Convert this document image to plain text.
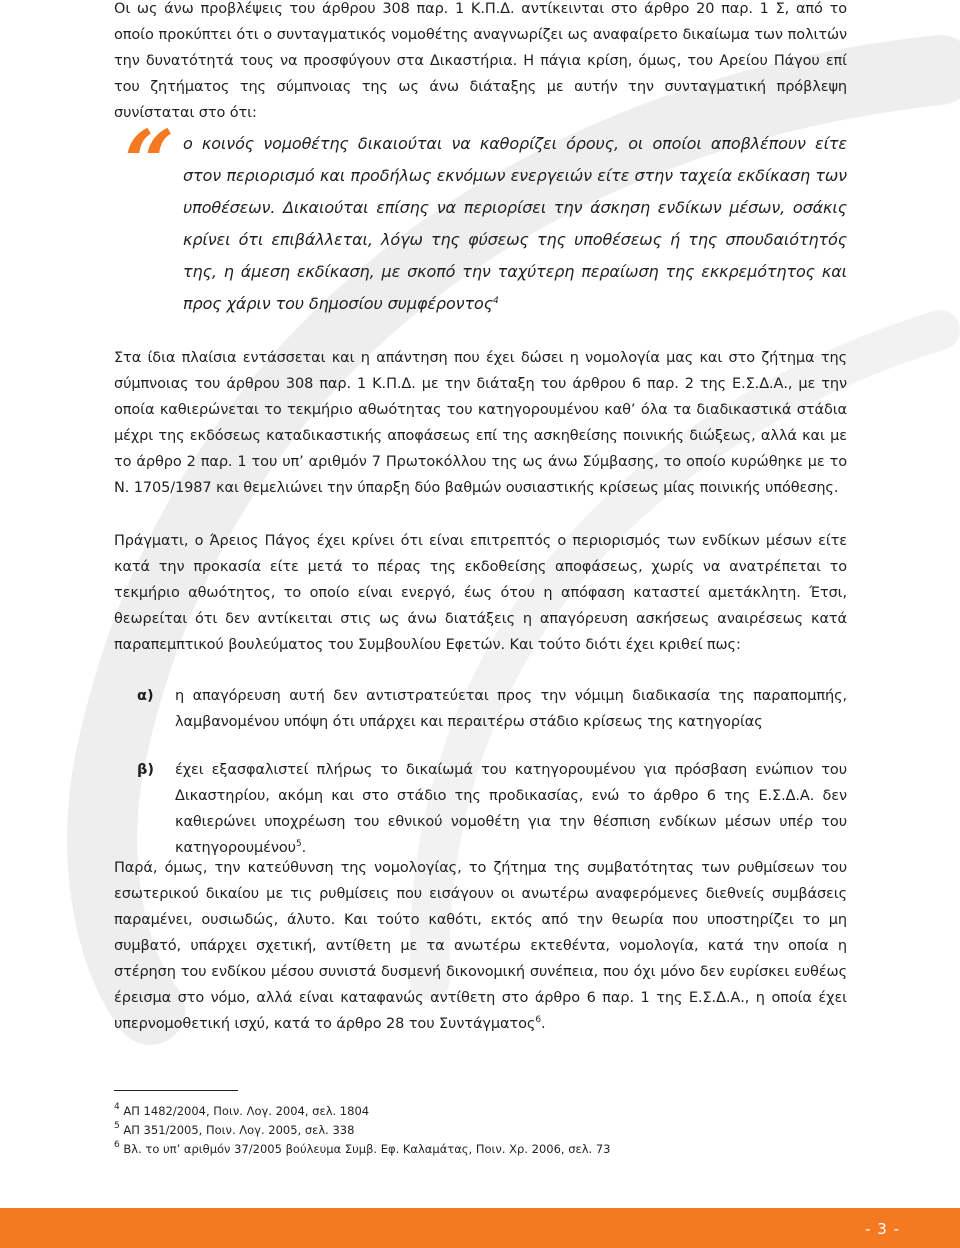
Οι ως άνω προβλέψεις του άρθρου 308 παρ. 1 Κ.Π.Δ. αντίκεινται στο άρθρο 20 παρ. 1 Σ, από το οποίο προκύπτει ότι ο συνταγματικός νομοθέτης αναγνωρίζει ως αναφαίρετο δικαίωμα των πολιτών την δυνατότητά τους να προσφύγουν στα Δικαστήρια. Η πάγια κρίση, όμως, του Αρείου Πάγου επί του ζητήματος της σύμπνοιας της ως άνω διάταξης με αυτήν την συνταγματική πρόβλεψη συνίσταται στο ότι:

“ ο κοινός νομοθέτης δικαιούται να καθορίζει όρους, οι οποίοι αποβλέπουν είτε στον περιορισμό και προδήλως εκνόμων ενεργειών είτε στην ταχεία εκδίκαση των υποθέσεων. Δικαιούται επίσης να περιορίσει την άσκηση ενδίκων μέσων, οσάκις κρίνει ότι επιβάλλεται, λόγω της φύσεως της υποθέσεως ή της σπουδαιότητός της, η άμεση εκδίκαση, με σκοπό την ταχύτερη περαίωση της εκκρεμότητος και προς χάριν του δημοσίου συμφέροντος$^4$

Στα ίδια πλαίσια εντάσσεται και η απάντηση που έχει δώσει η νομολογία μας και στο ζήτημα της σύμπνοιας του άρθρου 308 παρ. 1 Κ.Π.Δ. με την διάταξη του άρθρου 6 παρ. 2 της Ε.Σ.Δ.Α., με την οποία καθιερώνεται το τεκμήριο αθωότητας του κατηγορουμένου καθ’ όλα τα διαδικαστικά στάδια μέχρι της εκδόσεως καταδικαστικής αποφάσεως επί της ασκηθείσης ποινικής διώξεως, αλλά και με το άρθρο 2 παρ. 1 του υπ’ αριθμόν 7 Πρωτοκόλλου της ως άνω Σύμβασης, το οποίο κυρώθηκε με το Ν. 1705/1987 και θεμελιώνει την ύπαρξη δύο βαθμών ουσιαστικής κρίσεως μίας ποινικής υπόθεσης.

Πράγματι, ο Άρειος Πάγος έχει κρίνει ότι είναι επιτρεπτός ο περιορισμός των ενδίκων μέσων είτε κατά την προκασία είτε μετά το πέρας της εκδοθείσης αποφάσεως, χωρίς να ανατρέπεται το τεκμήριο αθωότητος, το οποίο είναι ενεργό, έως ότου η απόφαση καταστεί αμετάκλητη. Έτσι, θεωρείται ότι δεν αντίκειται στις ως άνω διατάξεις η απαγόρευση ασκήσεως αναιρέσεως κατά παραπεμπτικού βουλεύματος του Συμβουλίου Εφετών. Και τούτο διότι έχει κριθεί πως:

α) η απαγόρευση αυτή δεν αντιστρατεύεται προς την νόμιμη διαδικασία της παραπομπής, λαμβανομένου υπόψη ότι υπάρχει και περαιτέρω στάδιο κρίσεως της κατηγορίας

β) έχει εξασφαλιστεί πλήρως το δικαίωμά του κατηγορουμένου για πρόσβαση ενώπιον του Δικαστηρίου, ακόμη και στο στάδιο της προδικασίας, ενώ το άρθρο 6 της Ε.Σ.Δ.Α. δεν καθιερώνει υποχρέωση του εθνικού νομοθέτη για την θέσπιση ενδίκων μέσων υπέρ του κατηγορουμένου$^5$.

Παρά, όμως, την κατεύθυνση της νομολογίας, το ζήτημα της συμβατότητας των ρυθμίσεων του εσωτερικού δικαίου με τις ρυθμίσεις που εισάγουν οι ανωτέρω αναφερόμενες διεθνείς συμβάσεις παραμένει, ουσιωδώς, άλυτο. Και τούτο καθότι, εκτός από την θεωρία που υποστηρίζει το μη συμβατό, υπάρχει σχετική, αντίθετη με τα ανωτέρω εκτεθέντα, νομολογία, κατά την οποία η στέρηση του ενδίκου μέσου συνιστά δυσμενή δικονομική συνέπεια, που όχι μόνο δεν ευρίσκει ευθέως έρεισμα στο νόμο, αλλά είναι καταφανώς αντίθετη στο άρθρο 6 παρ. 1 της Ε.Σ.Δ.Α., η οποία έχει υπερνομοθετική ισχύ, κατά το άρθρο 28 του Συντάγματος$^6$.

$^4$ ΑΠ 1482/2004, Ποιν. Λογ. 2004, σελ. 1804
$^5$ ΑΠ 351/2005, Ποιν. Λογ. 2005, σελ. 338
$^6$ Βλ. το υπ’ αριθμόν 37/2005 βούλευμα Συμβ. Εφ. Καλαμάτας, Ποιν. Χρ. 2006, σελ. 73
- 3 -
